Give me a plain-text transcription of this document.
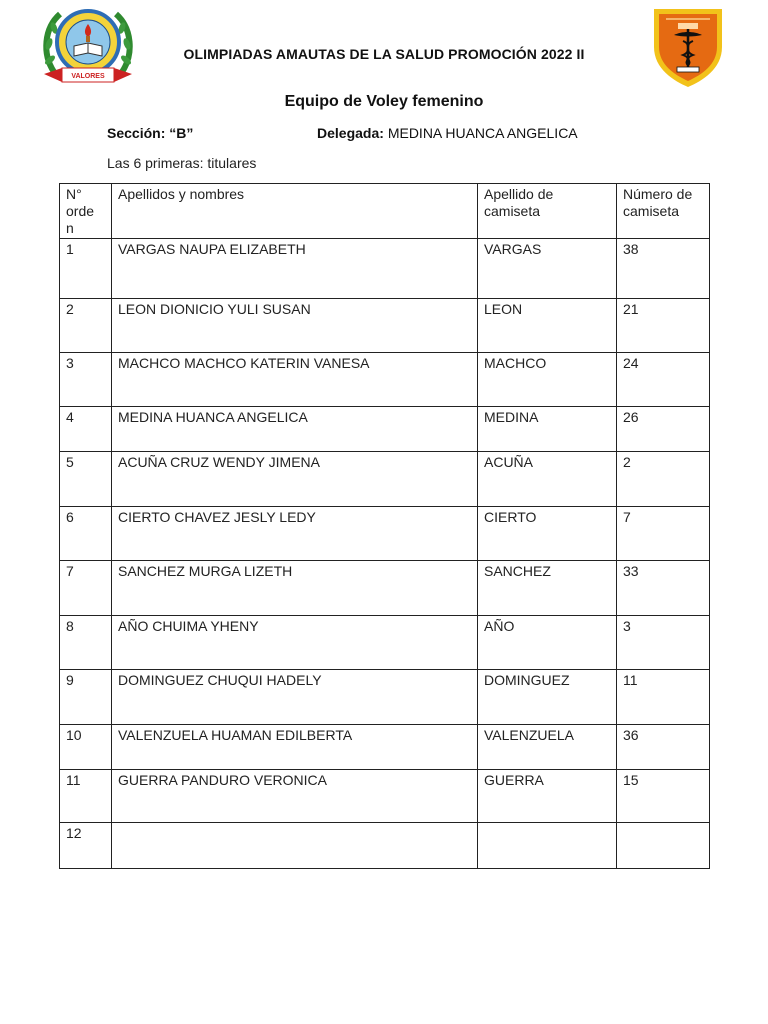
VALORES
OLIMPIADAS AMAUTAS DE LA SALUD PROMOCIÓN 2022 II
Equipo de Voley femenino
Sección: “B”	Delegada: MEDINA HUANCA ANGELICA
Las 6 primeras: titulares
N° orde n	Apellidos y nombres	Apellido de camiseta	Número de camiseta
1	VARGAS NAUPA ELIZABETH	VARGAS	38
2	LEON DIONICIO YULI SUSAN	LEON	21
3	MACHCO MACHCO KATERIN VANESA	MACHCO	24
4	MEDINA HUANCA ANGELICA	MEDINA	26
5	ACUÑA CRUZ WENDY JIMENA	ACUÑA	2
6	CIERTO CHAVEZ JESLY LEDY	CIERTO	7
7	SANCHEZ MURGA LIZETH	SANCHEZ	33
8	AÑO CHUIMA YHENY	AÑO	3
9	DOMINGUEZ CHUQUI HADELY	DOMINGUEZ	11
10	VALENZUELA HUAMAN EDILBERTA	VALENZUELA	36
11	GUERRA PANDURO VERONICA	GUERRA	15
12			
